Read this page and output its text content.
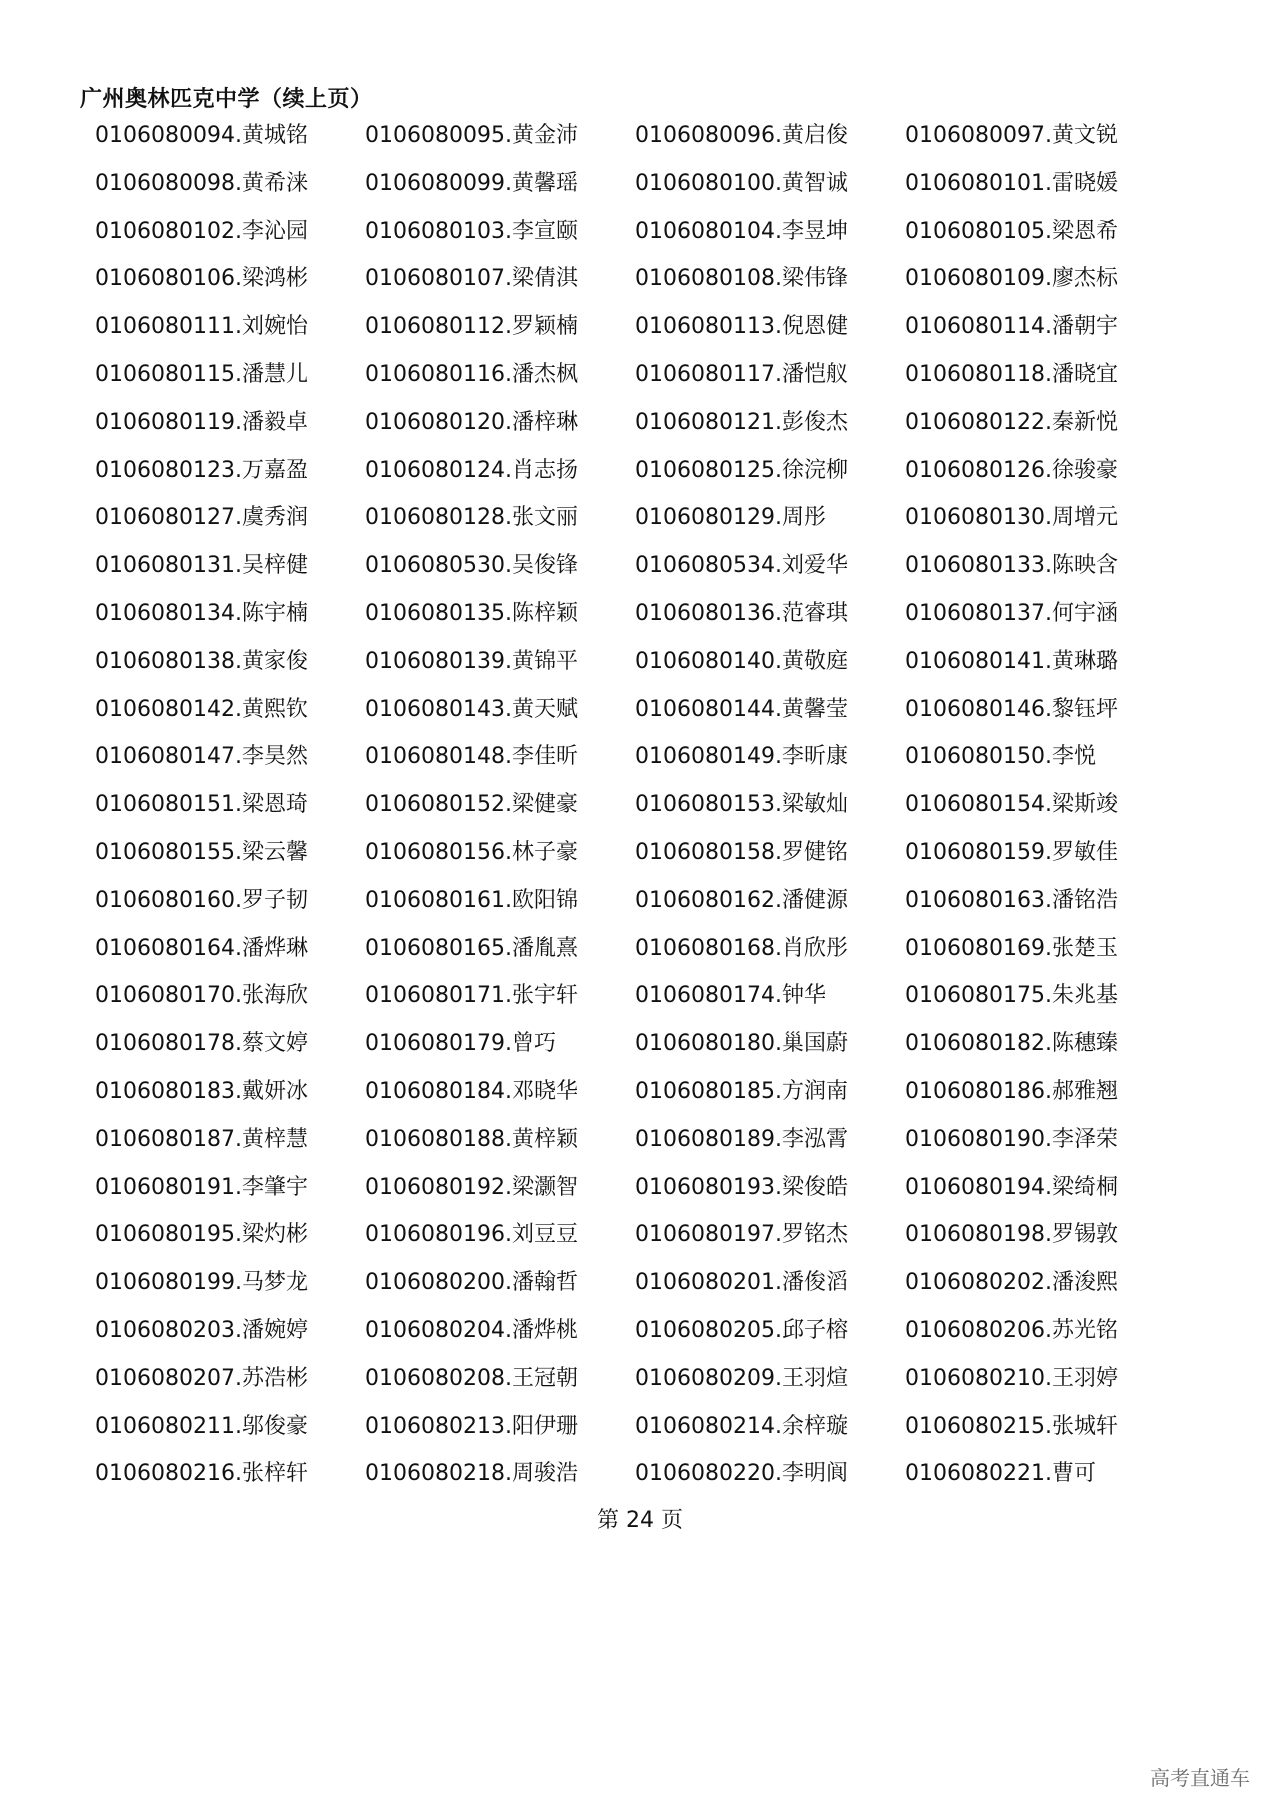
广州奥林匹克中学（续上页）
0106080094.黄城铭	0106080095.黄金沛	0106080096.黄启俊	0106080097.黄文锐
0106080098.黄希涞	0106080099.黄馨瑶	0106080100.黄智诚	0106080101.雷晓媛
0106080102.李沁园	0106080103.李宣颐	0106080104.李昱坤	0106080105.梁恩希
0106080106.梁鸿彬	0106080107.梁倩淇	0106080108.梁伟锋	0106080109.廖杰标
0106080111.刘婉怡	0106080112.罗颖楠	0106080113.倪恩健	0106080114.潘朝宇
0106080115.潘慧儿	0106080116.潘杰枫	0106080117.潘恺舣	0106080118.潘晓宜
0106080119.潘毅卓	0106080120.潘梓琳	0106080121.彭俊杰	0106080122.秦新悦
0106080123.万嘉盈	0106080124.肖志扬	0106080125.徐浣柳	0106080126.徐骏豪
0106080127.虞秀润	0106080128.张文丽	0106080129.周彤	0106080130.周增元
0106080131.吴梓健	0106080530.吴俊锋	0106080534.刘爱华	0106080133.陈映含
0106080134.陈宇楠	0106080135.陈梓颖	0106080136.范睿琪	0106080137.何宇涵
0106080138.黄家俊	0106080139.黄锦平	0106080140.黄敬庭	0106080141.黄琳璐
0106080142.黄熙钦	0106080143.黄天赋	0106080144.黄馨莹	0106080146.黎钰坪
0106080147.李昊然	0106080148.李佳昕	0106080149.李昕康	0106080150.李悦
0106080151.梁恩琦	0106080152.梁健豪	0106080153.梁敏灿	0106080154.梁斯竣
0106080155.梁云馨	0106080156.林子豪	0106080158.罗健铭	0106080159.罗敏佳
0106080160.罗子韧	0106080161.欧阳锦	0106080162.潘健源	0106080163.潘铭浩
0106080164.潘烨琳	0106080165.潘胤熹	0106080168.肖欣彤	0106080169.张楚玉
0106080170.张海欣	0106080171.张宇轩	0106080174.钟华	0106080175.朱兆基
0106080178.蔡文婷	0106080179.曾巧	0106080180.巢国蔚	0106080182.陈穗臻
0106080183.戴妍冰	0106080184.邓晓华	0106080185.方润南	0106080186.郝雅翘
0106080187.黄梓慧	0106080188.黄梓颖	0106080189.李泓霄	0106080190.李泽荣
0106080191.李肇宇	0106080192.梁灏智	0106080193.梁俊皓	0106080194.梁绮桐
0106080195.梁灼彬	0106080196.刘豆豆	0106080197.罗铭杰	0106080198.罗锡敦
0106080199.马梦龙	0106080200.潘翰哲	0106080201.潘俊滔	0106080202.潘浚熙
0106080203.潘婉婷	0106080204.潘烨桃	0106080205.邱子榕	0106080206.苏光铭
0106080207.苏浩彬	0106080208.王冠朝	0106080209.王羽煊	0106080210.王羽婷
0106080211.邬俊豪	0106080213.阳伊珊	0106080214.余梓璇	0106080215.张城轩
0106080216.张梓轩	0106080218.周骏浩	0106080220.李明阆	0106080221.曹可
第 24 页
高考直通车
